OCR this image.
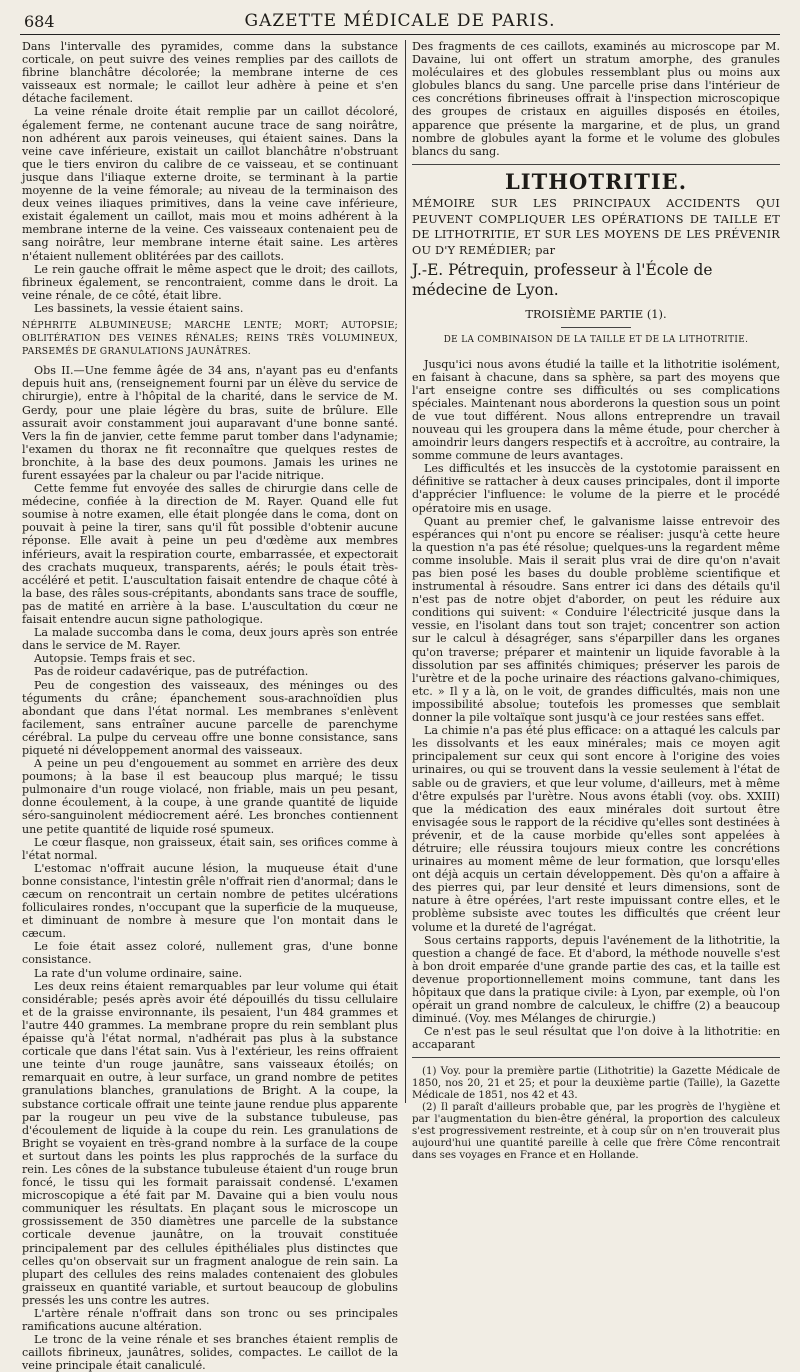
684	GAZETTE MÉDICALE DE PARIS.

Dans l'intervalle des pyramides, comme dans la substance corticale, on peut suivre des veines remplies par des caillots de fibrine blanchâtre décolorée; la membrane interne de ces vaisseaux est normale; le caillot leur adhère à peine et s'en détache facilement.

La veine rénale droite était remplie par un caillot décoloré, également ferme, ne contenant aucune trace de sang noirâtre, non adhérent aux parois veineuses, qui étaient saines. Dans la veine cave inférieure, existait un caillot blanchâtre n'obstruant que le tiers environ du calibre de ce vaisseau, et se continuant jusque dans l'iliaque externe droite, se terminant à la partie moyenne de la veine fémorale; au niveau de la terminaison des deux veines iliaques primitives, dans la veine cave inférieure, existait également un caillot, mais mou et moins adhérent à la membrane interne de la veine. Ces vaisseaux contenaient peu de sang noirâtre, leur membrane interne était saine. Les artères n'étaient nullement oblitérées par des caillots.

Le rein gauche offrait le même aspect que le droit; des caillots, fibrineux également, se rencontraient, comme dans le droit. La veine rénale, de ce côté, était libre.

Les bassinets, la vessie étaient sains.

NÉPHRITE ALBUMINEUSE; MARCHE LENTE; MORT; AUTOPSIE; OBLITÉRATION DES VEINES RÉNALES; REINS TRÈS VOLUMINEUX, PARSEMÉS DE GRANULATIONS JAUNÂTRES.

Obs II.—Une femme âgée de 34 ans, n'ayant pas eu d'enfants depuis huit ans, (renseignement fourni par un élève du service de chirurgie), entre à l'hôpital de la charité, dans le service de M. Gerdy, pour une plaie légère du bras, suite de brûlure. Elle assurait avoir constamment joui auparavant d'une bonne santé. Vers la fin de janvier, cette femme parut tomber dans l'adynamie; l'examen du thorax ne fit reconnaître que quelques restes de bronchite, à la base des deux poumons. Jamais les urines ne furent essayées par la chaleur ou par l'acide nitrique.

Cette femme fut envoyée des salles de chirurgie dans celle de médecine, confiée à la direction de M. Rayer. Quand elle fut soumise à notre examen, elle était plongée dans le coma, dont on pouvait à peine la tirer, sans qu'il fût possible d'obtenir aucune réponse. Elle avait à peine un peu d'œdème aux membres inférieurs, avait la respiration courte, embarrassée, et expectorait des crachats muqueux, transparents, aérés; le pouls était très-accéléré et petit. L'auscultation faisait entendre de chaque côté à la base, des râles sous-crépitants, abondants sans trace de souffle, pas de matité en arrière à la base. L'auscultation du cœur ne faisait entendre aucun signe pathologique.

La malade succomba dans le coma, deux jours après son entrée dans le service de M. Rayer.

Autopsie. Temps frais et sec.

Pas de roideur cadavérique, pas de putréfaction.

Peu de congestion des vaisseaux, des méninges ou des téguments du crâne; épanchement sous-arachnoïdien plus abondant que dans l'état normal. Les membranes s'enlèvent facilement, sans entraîner aucune parcelle de parenchyme cérébral. La pulpe du cerveau offre une bonne consistance, sans piqueté ni développement anormal des vaisseaux.

A peine un peu d'engouement au sommet en arrière des deux poumons; à la base il est beaucoup plus marqué; le tissu pulmonaire d'un rouge violacé, non friable, mais un peu pesant, donne écoulement, à la coupe, à une grande quantité de liquide séro-sanguinolent médiocrement aéré. Les bronches contiennent une petite quantité de liquide rosé spumeux.

Le cœur flasque, non graisseux, était sain, ses orifices comme à l'état normal.

L'estomac n'offrait aucune lésion, la muqueuse était d'une bonne consistance, l'intestin grêle n'offrait rien d'anormal; dans le cæcum on rencontrait un certain nombre de petites ulcérations folliculaires rondes, n'occupant que la superficie de la muqueuse, et diminuant de nombre à mesure que l'on montait dans le cæcum.

Le foie était assez coloré, nullement gras, d'une bonne consistance.

La rate d'un volume ordinaire, saine.

Les deux reins étaient remarquables par leur volume qui était considérable; pesés après avoir été dépouillés du tissu cellulaire et de la graisse environnante, ils pesaient, l'un 484 grammes et l'autre 440 grammes. La membrane propre du rein semblant plus épaisse qu'à l'état normal, n'adhérait pas plus à la substance corticale que dans l'état sain. Vus à l'extérieur, les reins offraient une teinte d'un rouge jaunâtre, sans vaisseaux étoilés; on remarquait en outre, à leur surface, un grand nombre de petites granulations blanches, granulations de Bright. A la coupe, la substance corticale offrait une teinte jaune rendue plus apparente par la rougeur un peu vive de la substance tubuleuse, pas d'écoulement de liquide à la coupe du rein. Les granulations de Bright se voyaient en très-grand nombre à la surface de la coupe et surtout dans les points les plus rapprochés de la surface du rein. Les cônes de la substance tubuleuse étaient d'un rouge brun foncé, le tissu qui les formait paraissait condensé. L'examen microscopique a été fait par M. Davaine qui a bien voulu nous communiquer les résultats. En plaçant sous le microscope un grossissement de 350 diamètres une parcelle de la substance corticale devenue jaunâtre, on la trouvait constituée principalement par des cellules épithéliales plus distinctes que celles qu'on observait sur un fragment analogue de rein sain. La plupart des cellules des reins malades contenaient des globules graisseux en quantité variable, et surtout beaucoup de globulins pressés les uns contre les autres.

L'artère rénale n'offrait dans son tronc ou ses principales ramifications aucune altération.

Le tronc de la veine rénale et ses branches étaient remplis de caillots fibrineux, jaunâtres, solides, compactes. Le caillot de la veine principale était canaliculé.

Des fragments de ces caillots, examinés au microscope par M. Davaine, lui ont offert un stratum amorphe, des granules moléculaires et des globules ressemblant plus ou moins aux globules blancs du sang. Une parcelle prise dans l'intérieur de ces concrétions fibrineuses offrait à l'inspection microscopique des groupes de cristaux en aiguilles disposés en étoiles, apparence que présente la margarine, et de plus, un grand nombre de globules ayant la forme et le volume des globules blancs du sang.

LITHOTRITIE.
MÉMOIRE SUR LES PRINCIPAUX ACCIDENTS QUI PEUVENT COMPLIQUER LES OPÉRATIONS DE TAILLE ET DE LITHOTRITIE, ET SUR LES MOYENS DE LES PRÉVENIR OU D'Y REMÉDIER; par
J.-E. Pétrequin, professeur à l'École de médecine de Lyon.
TROISIÈME PARTIE (1).
DE LA COMBINAISON DE LA TAILLE ET DE LA LITHOTRITIE.

Jusqu'ici nous avons étudié la taille et la lithotritie isolément, en faisant à chacune, dans sa sphère, sa part des moyens que l'art enseigne contre ses difficultés ou ses complications spéciales. Maintenant nous aborderons la question sous un point de vue tout différent. Nous allons entreprendre un travail nouveau qui les groupera dans la même étude, pour chercher à amoindrir leurs dangers respectifs et à accroître, au contraire, la somme commune de leurs avantages.

Les difficultés et les insuccès de la cystotomie paraissent en définitive se rattacher à deux causes principales, dont il importe d'apprécier l'influence: le volume de la pierre et le procédé opératoire mis en usage.

Quant au premier chef, le galvanisme laisse entrevoir des espérances qui n'ont pu encore se réaliser: jusqu'à cette heure la question n'a pas été résolue; quelques-uns la regardent même comme insoluble. Mais il serait plus vrai de dire qu'on n'avait pas bien posé les bases du double problème scientifique et instrumental à résoudre. Sans entrer ici dans des détails qu'il n'est pas de notre objet d'aborder, on peut les réduire aux conditions qui suivent: « Conduire l'électricité jusque dans la vessie, en l'isolant dans tout son trajet; concentrer son action sur le calcul à désagréger, sans s'éparpiller dans les organes qu'on traverse; préparer et maintenir un liquide favorable à la dissolution par ses affinités chimiques; préserver les parois de l'urètre et de la poche urinaire des réactions galvano-chimiques, etc. » Il y a là, on le voit, de grandes difficultés, mais non une impossibilité absolue; toutefois les promesses que semblait donner la pile voltaïque sont jusqu'à ce jour restées sans effet.

La chimie n'a pas été plus efficace: on a attaqué les calculs par les dissolvants et les eaux minérales; mais ce moyen agit principalement sur ceux qui sont encore à l'origine des voies urinaires, ou qui se trouvent dans la vessie seulement à l'état de sable ou de graviers, et que leur volume, d'ailleurs, met à même d'être expulsés par l'urètre. Nous avons établi (voy. obs. XXIII) que la médication des eaux minérales doit surtout être envisagée sous le rapport de la récidive qu'elles sont destinées à prévenir, et de la cause morbide qu'elles sont appelées à détruire; elle réussira toujours mieux contre les concrétions urinaires au moment même de leur formation, que lorsqu'elles ont déjà acquis un certain développement. Dès qu'on a affaire à des pierres qui, par leur densité et leurs dimensions, sont de nature à être opérées, l'art reste impuissant contre elles, et le problème subsiste avec toutes les difficultés que créent leur volume et la dureté de l'agrégat.

Sous certains rapports, depuis l'avénement de la lithotritie, la question a changé de face. Et d'abord, la méthode nouvelle s'est à bon droit emparée d'une grande partie des cas, et la taille est devenue proportionnellement moins commune, tant dans les hôpitaux que dans la pratique civile: à Lyon, par exemple, où l'on opérait un grand nombre de calculeux, le chiffre (2) a beaucoup diminué. (Voy. mes Mélanges de chirurgie.)

Ce n'est pas le seul résultat que l'on doive à la lithotritie: en accaparant

(1) Voy. pour la première partie (Lithotritie) la Gazette Médicale de 1850, nos 20, 21 et 25; et pour la deuxième partie (Taille), la Gazette Médicale de 1851, nos 42 et 43.

(2) Il paraît d'ailleurs probable que, par les progrès de l'hygiène et par l'augmentation du bien-être général, la proportion des calculeux s'est progressivement restreinte, et à coup sûr on n'en trouverait plus aujourd'hui une quantité pareille à celle que frère Côme rencontrait dans ses voyages en France et en Hollande.
